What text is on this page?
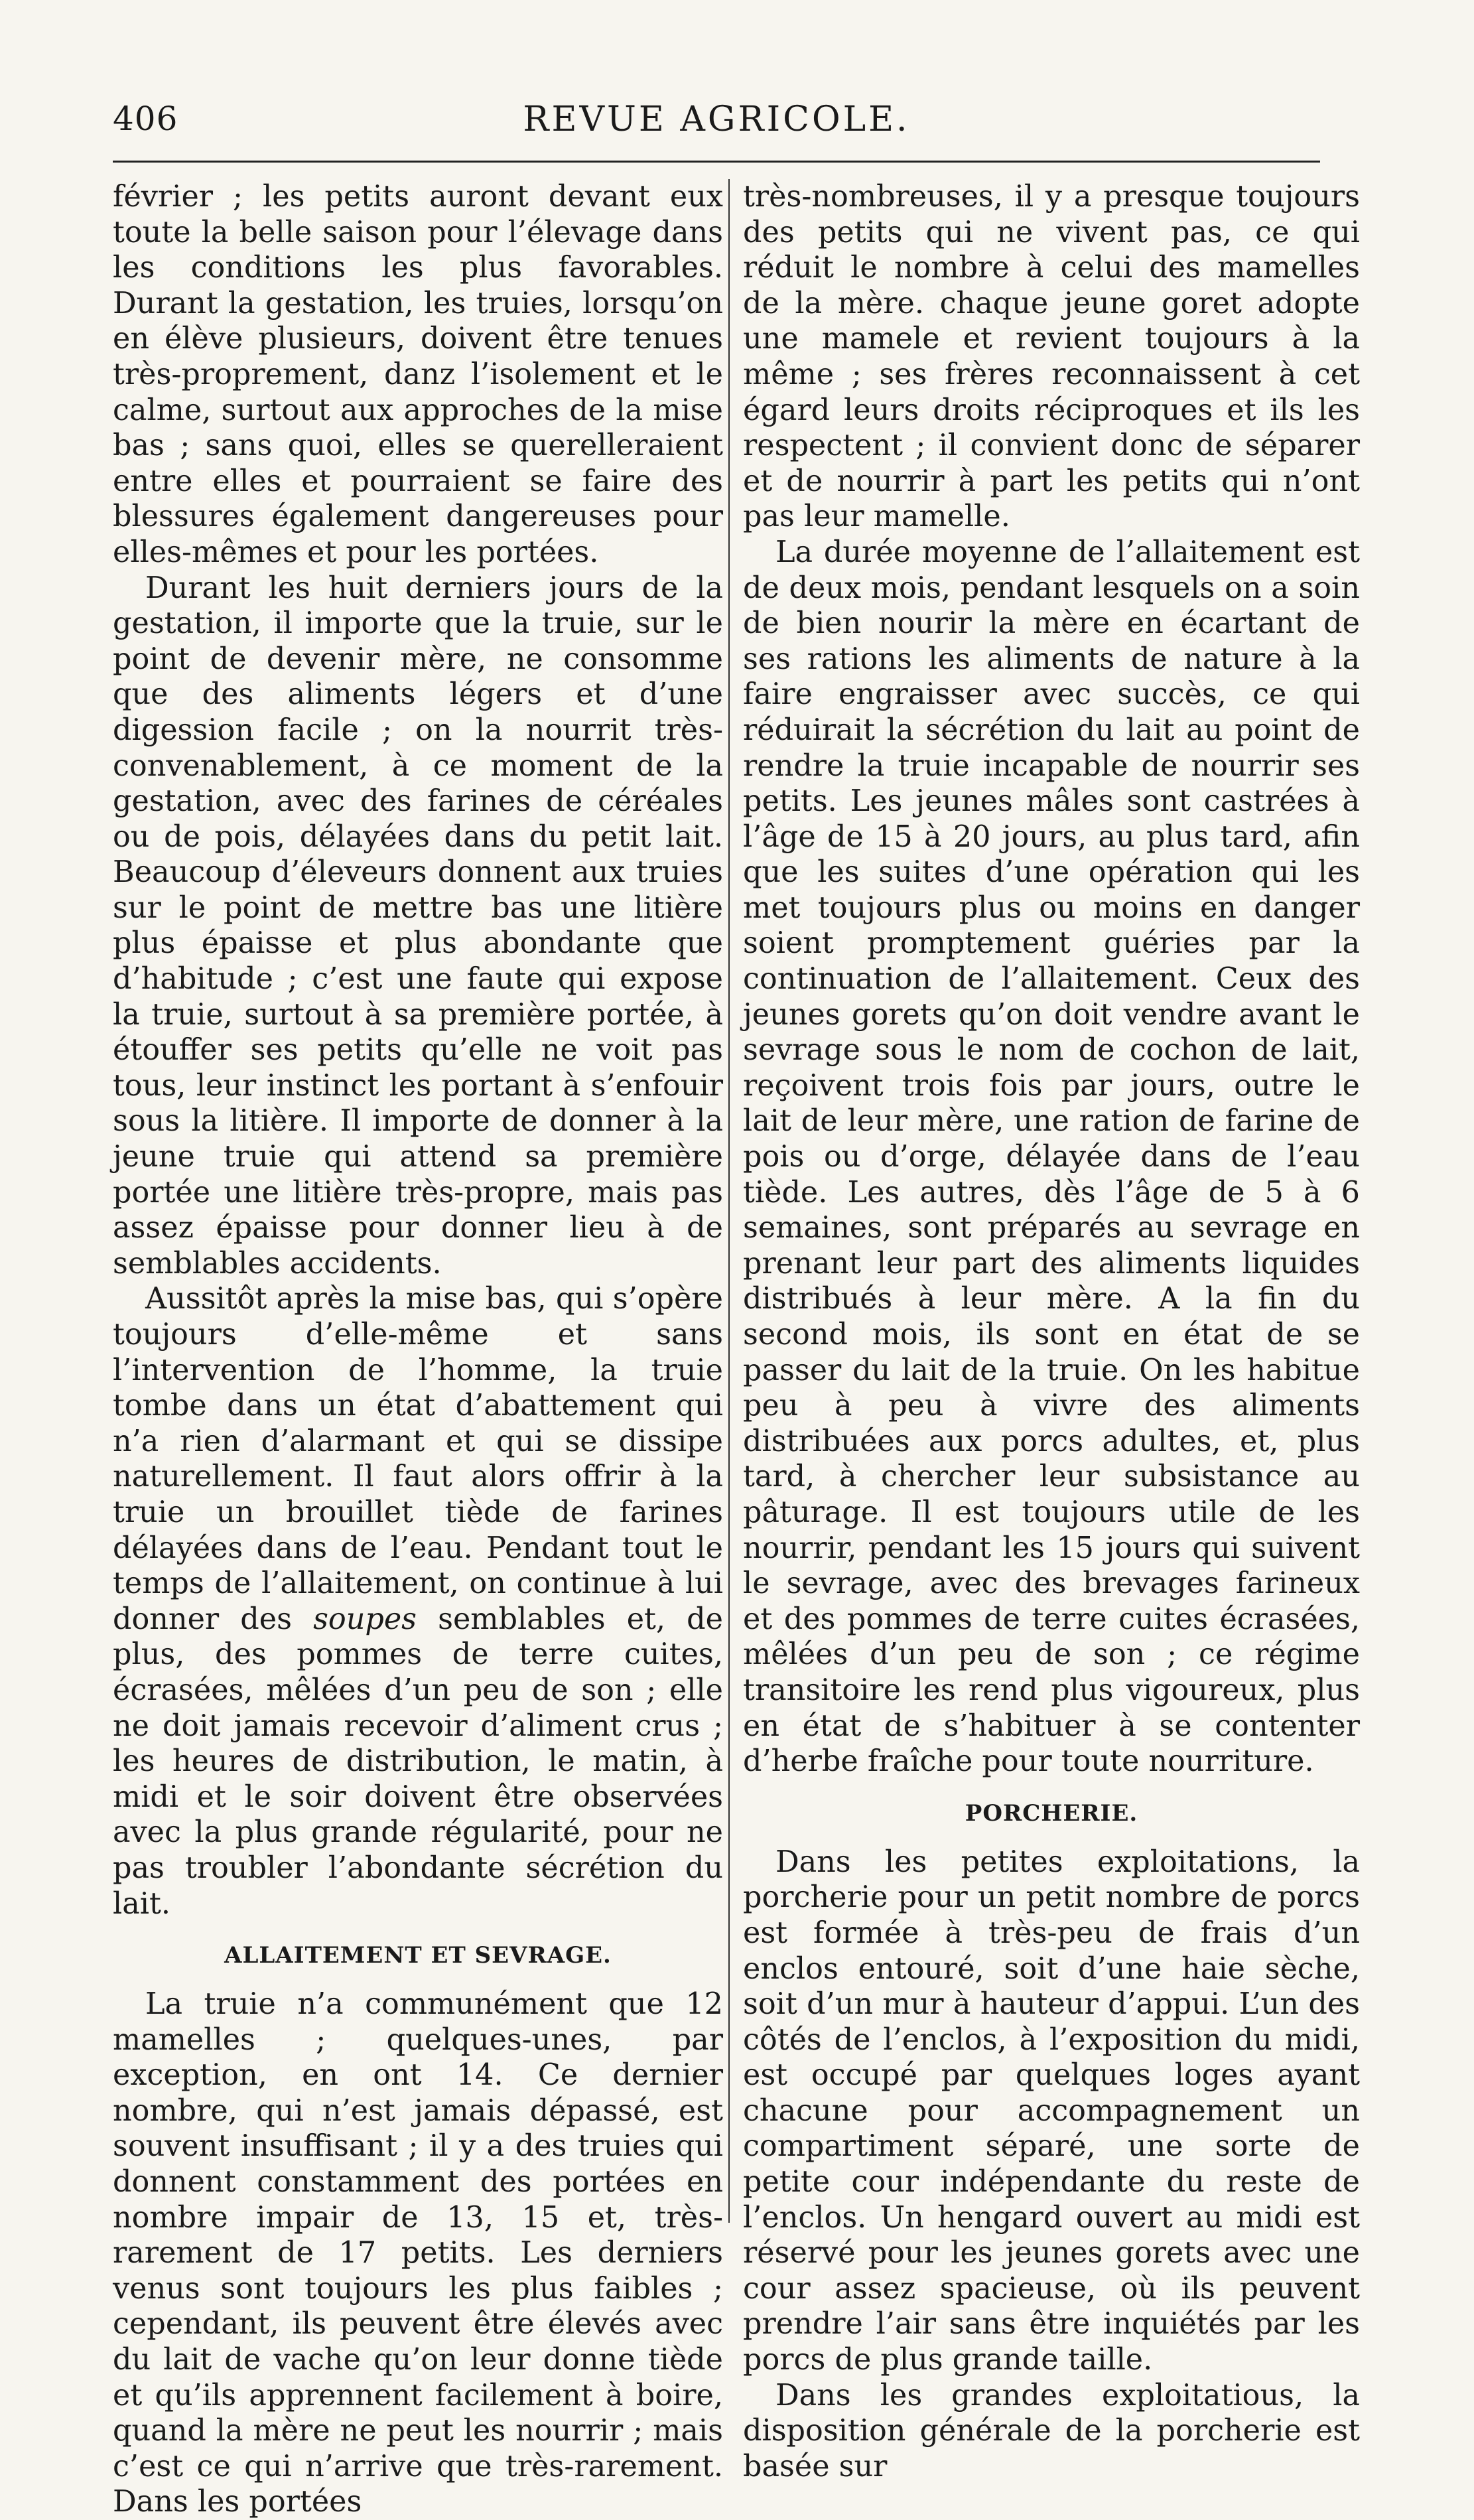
406	REVUE AGRICOLE.

février ; les petits auront devant eux toute la belle saison pour l’élevage dans les conditions les plus favorables. Durant la gestation, les truies, lorsqu’on en élève plusieurs, doivent être tenues très-proprement, danz l’isolement et le calme, surtout aux approches de la mise bas ; sans quoi, elles se querelleraient entre elles et pourraient se faire des blessures également dangereuses pour elles-mêmes et pour les portées.

Durant les huit derniers jours de la gestation, il importe que la truie, sur le point de devenir mère, ne consomme que des aliments légers et d’une digession facile ; on la nourrit très-convenablement, à ce moment de la gestation, avec des farines de céréales ou de pois, délayées dans du petit lait. Beaucoup d’éleveurs donnent aux truies sur le point de mettre bas une litière plus épaisse et plus abondante que d’habitude ; c’est une faute qui expose la truie, surtout à sa première portée, à étouffer ses petits qu’elle ne voit pas tous, leur instinct les portant à s’enfouir sous la litière. Il importe de donner à la jeune truie qui attend sa première portée une litière très-propre, mais pas assez épaisse pour donner lieu à de semblables accidents.

Aussitôt après la mise bas, qui s’opère toujours d’elle-même et sans l’intervention de l’homme, la truie tombe dans un état d’abattement qui n’a rien d’alarmant et qui se dissipe naturellement. Il faut alors offrir à la truie un brouillet tiède de farines délayées dans de l’eau. Pendant tout le temps de l’allaitement, on continue à lui donner des soupes semblables et, de plus, des pommes de terre cuites, écrasées, mêlées d’un peu de son ; elle ne doit jamais recevoir d’aliment crus ; les heures de distribution, le matin, à midi et le soir doivent être observées avec la plus grande régularité, pour ne pas troubler l’abondante sécrétion du lait.

ALLAITEMENT ET SEVRAGE.

La truie n’a communément que 12 mamelles ; quelques-unes, par exception, en ont 14. Ce dernier nombre, qui n’est jamais dépassé, est souvent insuffisant ; il y a des truies qui donnent constamment des portées en nombre impair de 13, 15 et, très-rarement de 17 petits. Les derniers venus sont toujours les plus faibles ; cependant, ils peuvent être élevés avec du lait de vache qu’on leur donne tiède et qu’ils apprennent facilement à boire, quand la mère ne peut les nourrir ; mais c’est ce qui n’arrive que très-rarement. Dans les portées

très-nombreuses, il y a presque toujours des petits qui ne vivent pas, ce qui réduit le nombre à celui des mamelles de la mère. chaque jeune goret adopte une mamele et revient toujours à la même ; ses frères reconnaissent à cet égard leurs droits réciproques et ils les respectent ; il convient donc de séparer et de nourrir à part les petits qui n’ont pas leur mamelle.

La durée moyenne de l’allaitement est de deux mois, pendant lesquels on a soin de bien nourir la mère en écartant de ses rations les aliments de nature à la faire engraisser avec succès, ce qui réduirait la sécrétion du lait au point de rendre la truie incapable de nourrir ses petits. Les jeunes mâles sont castrées à l’âge de 15 à 20 jours, au plus tard, afin que les suites d’une opération qui les met toujours plus ou moins en danger soient promptement guéries par la continuation de l’allaitement. Ceux des jeunes gorets qu’on doit vendre avant le sevrage sous le nom de cochon de lait, reçoivent trois fois par jours, outre le lait de leur mère, une ration de farine de pois ou d’orge, délayée dans de l’eau tiède. Les autres, dès l’âge de 5 à 6 semaines, sont préparés au sevrage en prenant leur part des aliments liquides distribués à leur mère. A la fin du second mois, ils sont en état de se passer du lait de la truie. On les habitue peu à peu à vivre des aliments distribuées aux porcs adultes, et, plus tard, à chercher leur subsistance au pâturage. Il est toujours utile de les nourrir, pendant les 15 jours qui suivent le sevrage, avec des brevages farineux et des pommes de terre cuites écrasées, mêlées d’un peu de son ; ce régime transitoire les rend plus vigoureux, plus en état de s’habituer à se contenter d’herbe fraîche pour toute nourriture.

PORCHERIE.

Dans les petites exploitations, la porcherie pour un petit nombre de porcs est formée à très-peu de frais d’un enclos entouré, soit d’une haie sèche, soit d’un mur à hauteur d’appui. L’un des côtés de l’enclos, à l’exposition du midi, est occupé par quelques loges ayant chacune pour accompagnement un compartiment séparé, une sorte de petite cour indépendante du reste de l’enclos. Un hengard ouvert au midi est réservé pour les jeunes gorets avec une cour assez spacieuse, où ils peuvent prendre l’air sans être inquiétés par les porcs de plus grande taille.

Dans les grandes exploitatious, la disposition générale de la porcherie est basée sur
